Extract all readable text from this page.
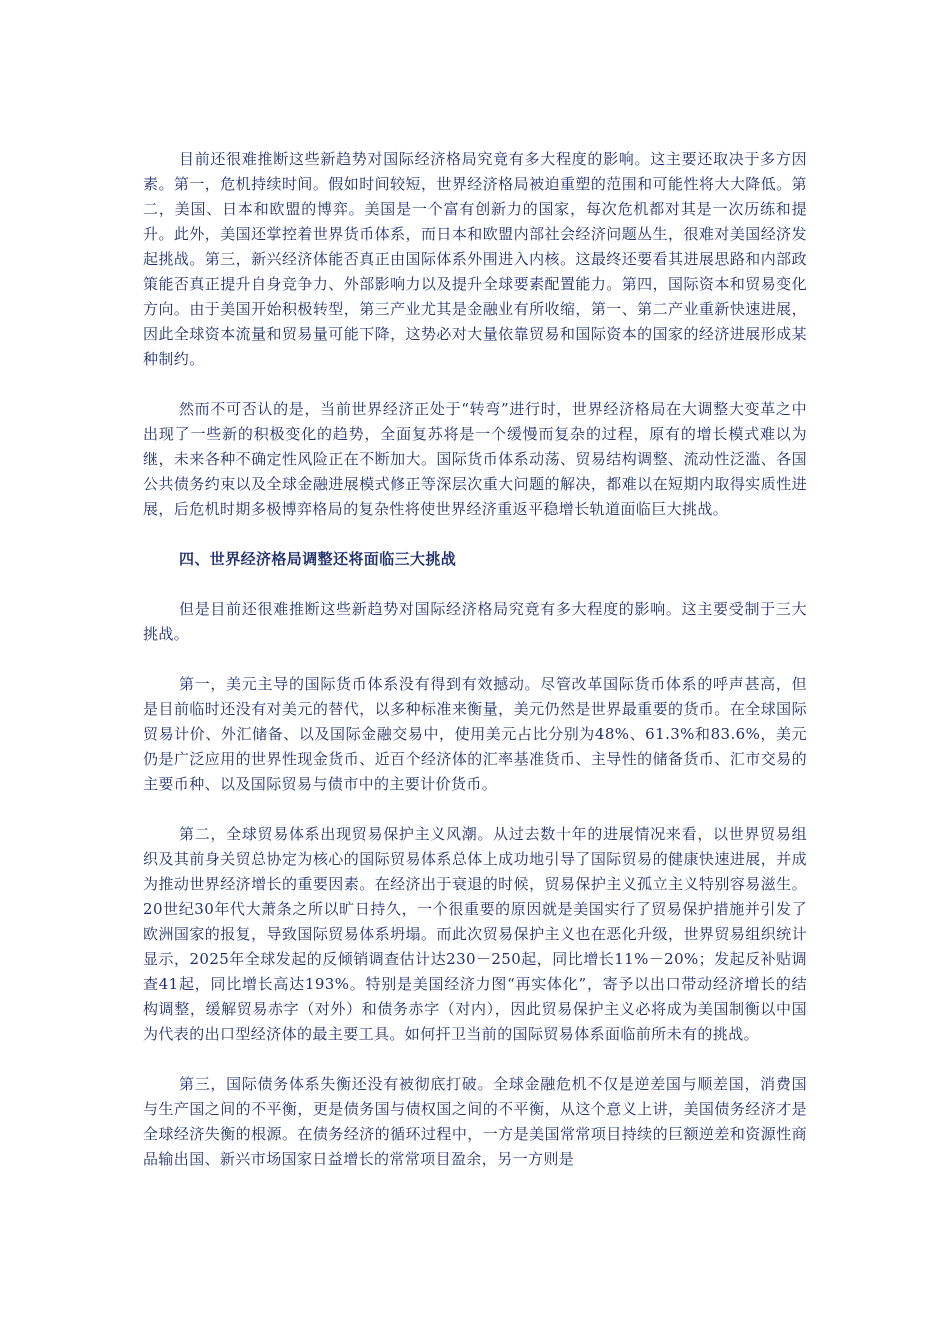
目前还很难推断这些新趋势对国际经济格局究竟有多大程度的影响。这主要还取决于多方因素。第一，危机持续时间。假如时间较短，世界经济格局被迫重塑的范围和可能性将大大降低。第二，美国、日本和欧盟的博弈。美国是一个富有创新力的国家，每次危机都对其是一次历练和提升。此外，美国还掌控着世界货币体系，而日本和欧盟内部社会经济问题丛生，很难对美国经济发起挑战。第三，新兴经济体能否真正由国际体系外围进入内核。这最终还要看其进展思路和内部政策能否真正提升自身竞争力、外部影响力以及提升全球要素配置能力。第四，国际资本和贸易变化方向。由于美国开始积极转型，第三产业尤其是金融业有所收缩，第一、第二产业重新快速进展，因此全球资本流量和贸易量可能下降，这势必对大量依靠贸易和国际资本的国家的经济进展形成某种制约。

然而不可否认的是，当前世界经济正处于“转弯”进行时，世界经济格局在大调整大变革之中出现了一些新的积极变化的趋势，全面复苏将是一个缓慢而复杂的过程，原有的增长模式难以为继，未来各种不确定性风险正在不断加大。国际货币体系动荡、贸易结构调整、流动性泛滥、各国公共债务约束以及全球金融进展模式修正等深层次重大问题的解决，都难以在短期内取得实质性进展，后危机时期多极博弈格局的复杂性将使世界经济重返平稳增长轨道面临巨大挑战。

四、世界经济格局调整还将面临三大挑战

但是目前还很难推断这些新趋势对国际经济格局究竟有多大程度的影响。这主要受制于三大挑战。

第一，美元主导的国际货币体系没有得到有效撼动。尽管改革国际货币体系的呼声甚高，但是目前临时还没有对美元的替代，以多种标准来衡量，美元仍然是世界最重要的货币。在全球国际贸易计价、外汇储备、以及国际金融交易中，使用美元占比分别为48%、61.3%和83.6%，美元仍是广泛应用的世界性现金货币、近百个经济体的汇率基准货币、主导性的储备货币、汇市交易的主要币种、以及国际贸易与债市中的主要计价货币。

第二，全球贸易体系出现贸易保护主义风潮。从过去数十年的进展情况来看，以世界贸易组织及其前身关贸总协定为核心的国际贸易体系总体上成功地引导了国际贸易的健康快速进展，并成为推动世界经济增长的重要因素。在经济出于衰退的时候，贸易保护主义孤立主义特别容易滋生。20世纪30年代大萧条之所以旷日持久，一个很重要的原因就是美国实行了贸易保护措施并引发了欧洲国家的报复，导致国际贸易体系坍塌。而此次贸易保护主义也在恶化升级，世界贸易组织统计显示，2025年全球发起的反倾销调查估计达230－250起，同比增长11%－20%；发起反补贴调查41起，同比增长高达193%。特别是美国经济力图“再实体化”，寄予以出口带动经济增长的结构调整，缓解贸易赤字（对外）和债务赤字（对内），因此贸易保护主义必将成为美国制衡以中国为代表的出口型经济体的最主要工具。如何扞卫当前的国际贸易体系面临前所未有的挑战。

第三，国际债务体系失衡还没有被彻底打破。全球金融危机不仅是逆差国与顺差国，消费国与生产国之间的不平衡，更是债务国与债权国之间的不平衡，从这个意义上讲，美国债务经济才是全球经济失衡的根源。在债务经济的循环过程中，一方是美国常常项目持续的巨额逆差和资源性商品输出国、新兴市场国家日益增长的常常项目盈余，另一方则是
